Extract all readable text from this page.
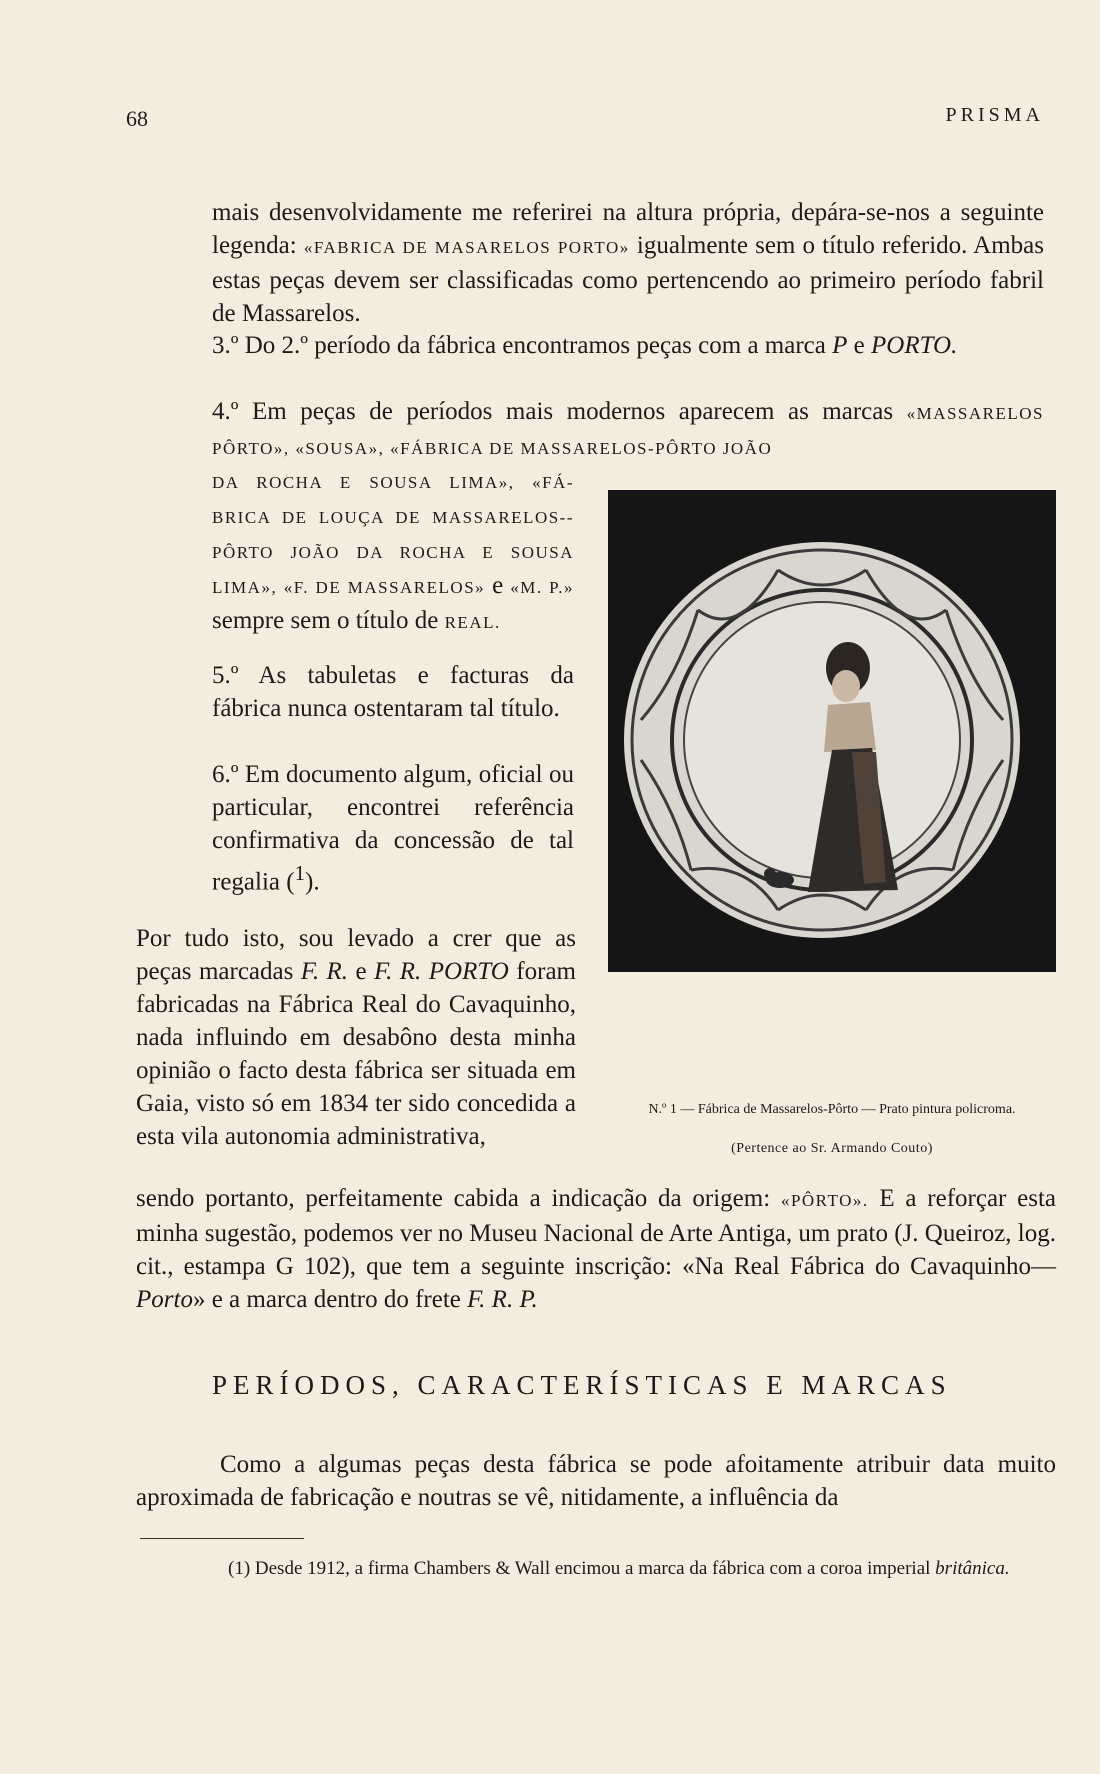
68	PRISMA

mais desenvolvidamente me referirei na altura própria, depára-se-nos a seguinte legenda: «FABRICA DE MASARELOS PORTO» igualmente sem o título referido. Ambas estas peças devem ser classificadas como pertencendo ao primeiro período fabril de Massarelos.

3.º Do 2.º período da fábrica encontramos peças com a marca P e PORTO.

4.º Em peças de períodos mais modernos aparecem as marcas «MASSARELOS PÔRTO», «SOUSA», «FÁBRICA DE MASSARELOS-PÔRTO JOÃO

DA ROCHA E SOUSA LIMA», «FÁ-BRICA DE LOUÇA DE MASSARELOS--PÔRTO JOÃO DA ROCHA E SOUSA LIMA», «F. DE MASSARELOS» e «M. P.» sempre sem o título de REAL.

5.º As tabuletas e facturas da fábrica nunca ostentaram tal título.

6.º Em documento algum, oficial ou particular, encontrei referência confirmativa da concessão de tal regalia ($^1$).

N.º 1 — Fábrica de Massarelos-Pôrto — Prato pintura policroma.
(Pertence ao Sr. Armando Couto)

Por tudo isto, sou levado a crer que as peças marcadas F. R. e F. R. PORTO foram fabricadas na Fábrica Real do Cavaquinho, nada influindo em desabôno desta minha opinião o facto desta fábrica ser situada em Gaia, visto só em 1834 ter sido concedida a esta vila autonomia administrativa,

sendo portanto, perfeitamente cabida a indicação da origem: «PÔRTO». E a reforçar esta minha sugestão, podemos ver no Museu Nacional de Arte Antiga, um prato (J. Queiroz, log. cit., estampa G 102), que tem a seguinte inscrição: «Na Real Fábrica do Cavaquinho—Porto» e a marca dentro do frete F. R. P.

PERÍODOS, CARACTERÍSTICAS E MARCAS

Como a algumas peças desta fábrica se pode afoitamente atribuir data muito aproximada de fabricação e noutras se vê, nitidamente, a influência da

(1) Desde 1912, a firma Chambers & Wall encimou a marca da fábrica com a coroa imperial britânica.
